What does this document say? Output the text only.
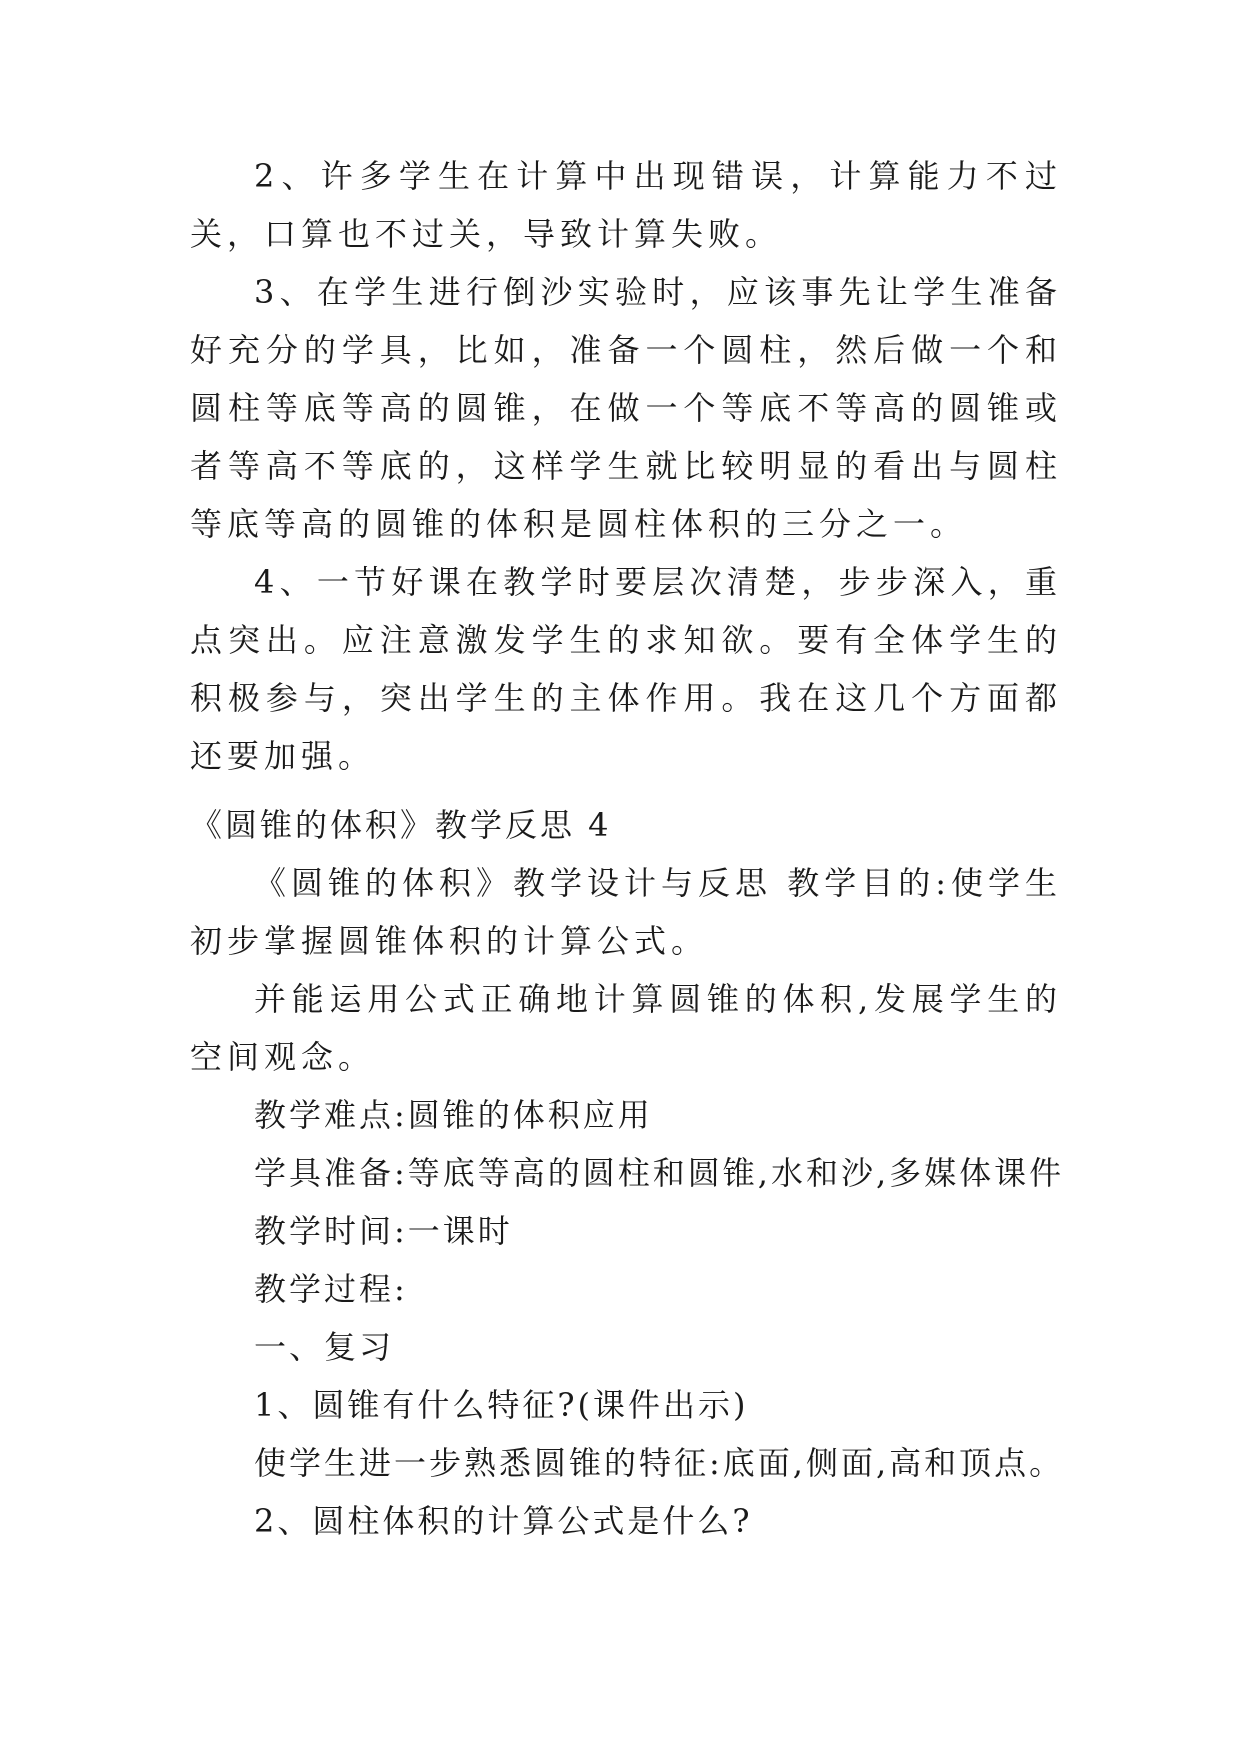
2、许多学生在计算中出现错误，计算能力不过关，口算也不过关，导致计算失败。

3、在学生进行倒沙实验时，应该事先让学生准备好充分的学具，比如，准备一个圆柱，然后做一个和圆柱等底等高的圆锥，在做一个等底不等高的圆锥或者等高不等底的，这样学生就比较明显的看出与圆柱等底等高的圆锥的体积是圆柱体积的三分之一。

4、一节好课在教学时要层次清楚，步步深入，重点突出。应注意激发学生的求知欲。要有全体学生的积极参与，突出学生的主体作用。我在这几个方面都还要加强。

《圆锥的体积》教学反思 4

《圆锥的体积》教学设计与反思 教学目的:使学生初步掌握圆锥体积的计算公式。

并能运用公式正确地计算圆锥的体积,发展学生的空间观念。

教学难点:圆锥的体积应用

学具准备:等底等高的圆柱和圆锥,水和沙,多媒体课件

教学时间:一课时

教学过程:

一、复习

1、圆锥有什么特征?(课件出示)

使学生进一步熟悉圆锥的特征:底面,侧面,高和顶点。

2、圆柱体积的计算公式是什么?
